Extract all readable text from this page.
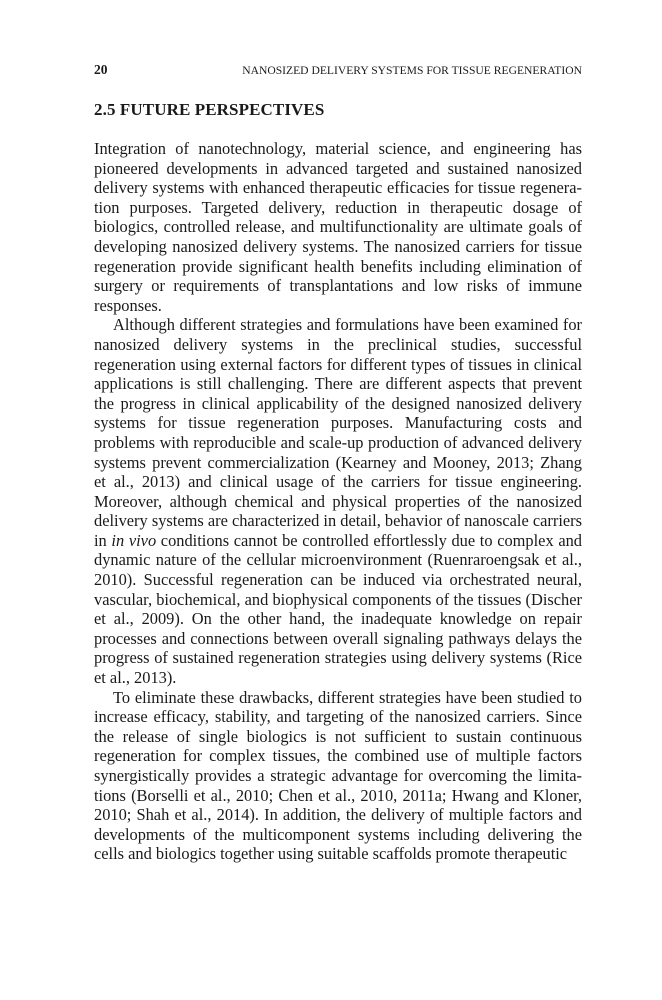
20	NANOSIZED DELIVERY SYSTEMS FOR TISSUE REGENERATION
2.5 FUTURE PERSPECTIVES

Integration of nanotechnology, material science, and engineering has pioneered developments in advanced targeted and sustained nanosized delivery systems with enhanced therapeutic efficacies for tissue regeneration purposes. Targeted delivery, reduction in therapeutic dosage of biologics, controlled release, and multifunctionality are ultimate goals of developing nanosized delivery systems. The nanosized carriers for tissue regeneration provide significant health benefits including elimination of surgery or requirements of transplantations and low risks of immune responses.

Although different strategies and formulations have been examined for nanosized delivery systems in the preclinical studies, successful regeneration using external factors for different types of tissues in clinical applications is still challenging. There are different aspects that prevent the progress in clinical applicability of the designed nanosized delivery systems for tissue regeneration purposes. Manufacturing costs and problems with reproducible and scale-up production of advanced delivery systems prevent commercialization (Kearney and Mooney, 2013; Zhang et al., 2013) and clinical usage of the carriers for tissue engineering. Moreover, although chemical and physical properties of the nanosized delivery systems are characterized in detail, behavior of nanoscale carriers in in vivo conditions cannot be controlled effortlessly due to complex and dynamic nature of the cellular microenvironment (Ruenraroengsak et al., 2010). Successful regeneration can be induced via orchestrated neural, vascular, biochemical, and biophysical components of the tissues (Discher et al., 2009). On the other hand, the inadequate knowledge on repair processes and connections between overall signaling pathways delays the progress of sustained regeneration strategies using delivery systems (Rice et al., 2013).

To eliminate these drawbacks, different strategies have been studied to increase efficacy, stability, and targeting of the nanosized carriers. Since the release of single biologics is not sufficient to sustain continuous regeneration for complex tissues, the combined use of multiple factors synergistically provides a strategic advantage for overcoming the limitations (Borselli et al., 2010; Chen et al., 2010, 2011a; Hwang and Kloner, 2010; Shah et al., 2014). In addition, the delivery of multiple factors and developments of the multicomponent systems including delivering the cells and biologics together using suitable scaffolds promote therapeutic
